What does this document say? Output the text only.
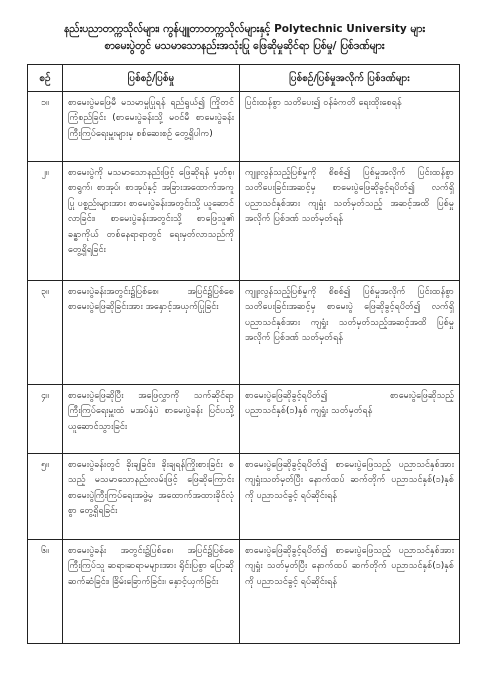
နည်းပညာတက္ကသိုလ်များ၊ ကွန်ပျူတာတက္ကသိုလ်များနှင့် Polytechnic University များ
စာမေးပွဲတွင် မသမာသောနည်းအသုံးပြု ဖြေဆိုမှုဆိုင်ရာ ပြစ်မှု/ ပြစ်ဒဏ်များ
စဉ်	ပြစ်စဉ်/ပြစ်မှု	ပြစ်စဉ်/ပြစ်မှုအလိုက် ပြစ်ဒဏ်များ
၁။	စာမေးပွဲမဖြေမီ မသမာမှုပြုရန် ရည်ရွယ်၍ ကြိုတင်ကြံစည်ခြင်း (စာမေးပွဲခန်းသို့ မဝင်မီ စာမေးပွဲခန်းကြီးကြပ်ရေးမှူးများမှ စစ်ဆေးစဉ် တွေ့ရှိပါက)	ပြင်းထန်စွာ သတိပေး၍ ဝန်ခံကတိ ရေးထိုးစေရန်
၂။	စာမေးပွဲကို မသမာသောနည်းဖြင့် ဖြေဆိုရန် မှတ်စု၊ စာရွက်၊ စာအုပ်၊ စာအုပ်နှင့် အခြားအထောက်အကူပြု ပစ္စည်းများအား စာမေးပွဲခန်းအတွင်းသို့ ယူဆောင်လာခြင်း၊ စာမေးပွဲခန်းအတွင်းသို့ စာဖြေသူ၏ ခန္ဓာကိုယ် တစ်နေရာရာတွင် ရေးမှတ်လာသည်ကို တွေ့ရှိရခြင်း	ကျူးလွန်သည့်ပြစ်မှုကို စိစစ်၍ ပြစ်မှုအလိုက် ပြင်းထန်စွာသတိပေးခြင်းအဆင့်မှ စာမေးပွဲဖြေဆိုခွင့်ရပိတ်၍ လက်ရှိပညာသင်နှစ်အား ကျရှုံး သတ်မှတ်သည့် အဆင့်အထိ ပြစ်မှုအလိုက် ပြစ်ဒဏ် သတ်မှတ်ရန်
၃။	စာမေးပွဲခန်းအတွင်း၌ပြစ်စေ၊ အပြင်၌ပြစ်စေ စာမေးပွဲဖြေဆိုခြင်းအား အနှောင့်အယှက်ပြုခြင်း	ကျူးလွန်သည့်ပြစ်မှုကို စိစစ်၍ ပြစ်မှုအလိုက် ပြင်းထန်စွာ သတိပေးခြင်းအဆင့်မှ စာမေးပွဲ ဖြေဆိုခွင့်ရပိတ်၍ လက်ရှိပညာသင်နှစ်အား ကျရှုံး သတ်မှတ်သည့်အဆင့်အထိ ပြစ်မှုအလိုက် ပြစ်ဒဏ် သတ်မှတ်ရန်
၄။	စာမေးပွဲဖြေဆိုပြီး အဖြေလွှာကို သက်ဆိုင်ရာ ကြီးကြပ်ရေးမှူးထံ မအပ်နှံပဲ စာမေးပွဲခန်း ပြင်ပသို့ ယူဆောင်သွားခြင်း	စာမေးပွဲဖြေဆိုခွင့်ရပိတ်၍ စာမေးပွဲဖြေဆိုသည့် ပညာသင်နှစ်(၁)နှစ် ကျရှုံး သတ်မှတ်ရန်
၅။	စာမေးပွဲခန်းတွင် ခိုးချခြင်း၊ ခိုးချရန်ကြိုးစားခြင်း စသည့် မသမာသောနည်းလမ်းဖြင့် ဖြေဆိုကြောင်း စာမေးပွဲကြီးကြပ်ရေးအဖွဲ့မှ အထောက်အထားခိုင်လုံစွာ တွေ့ရှိရခြင်း	စာမေးပွဲဖြေဆိုခွင့်ရပိတ်၍ စာမေးပွဲဖြေသည့် ပညာသင်နှစ်အား ကျရှုံးသတ်မှတ်ပြီး နောက်ထပ် ဆက်တိုက် ပညာသင်နှစ်(၁)နှစ်ကို ပညာသင်ခွင့် ရပ်ဆိုင်းရန်
၆။	စာမေးပွဲခန်း အတွင်း၌ပြစ်စေ၊ အပြင်၌ပြစ်စေ ကြီးကြပ်သူ ဆရာ၊ဆရာမများအား ရိုင်းပြစွာ ပြောဆို ဆက်ဆံခြင်း၊ ခြိမ်းခြောက်ခြင်း၊ နှောင့်ယှက်ခြင်း	စာမေးပွဲဖြေဆိုခွင့်ရပိတ်၍ စာမေးပွဲဖြေသည့် ပညာသင်နှစ်အား ကျရှုံး သတ်မှတ်ပြီး နောက်ထပ် ဆက်တိုက် ပညာသင်နှစ်(၁)နှစ်ကို ပညာသင်ခွင့် ရပ်ဆိုင်းရန်
